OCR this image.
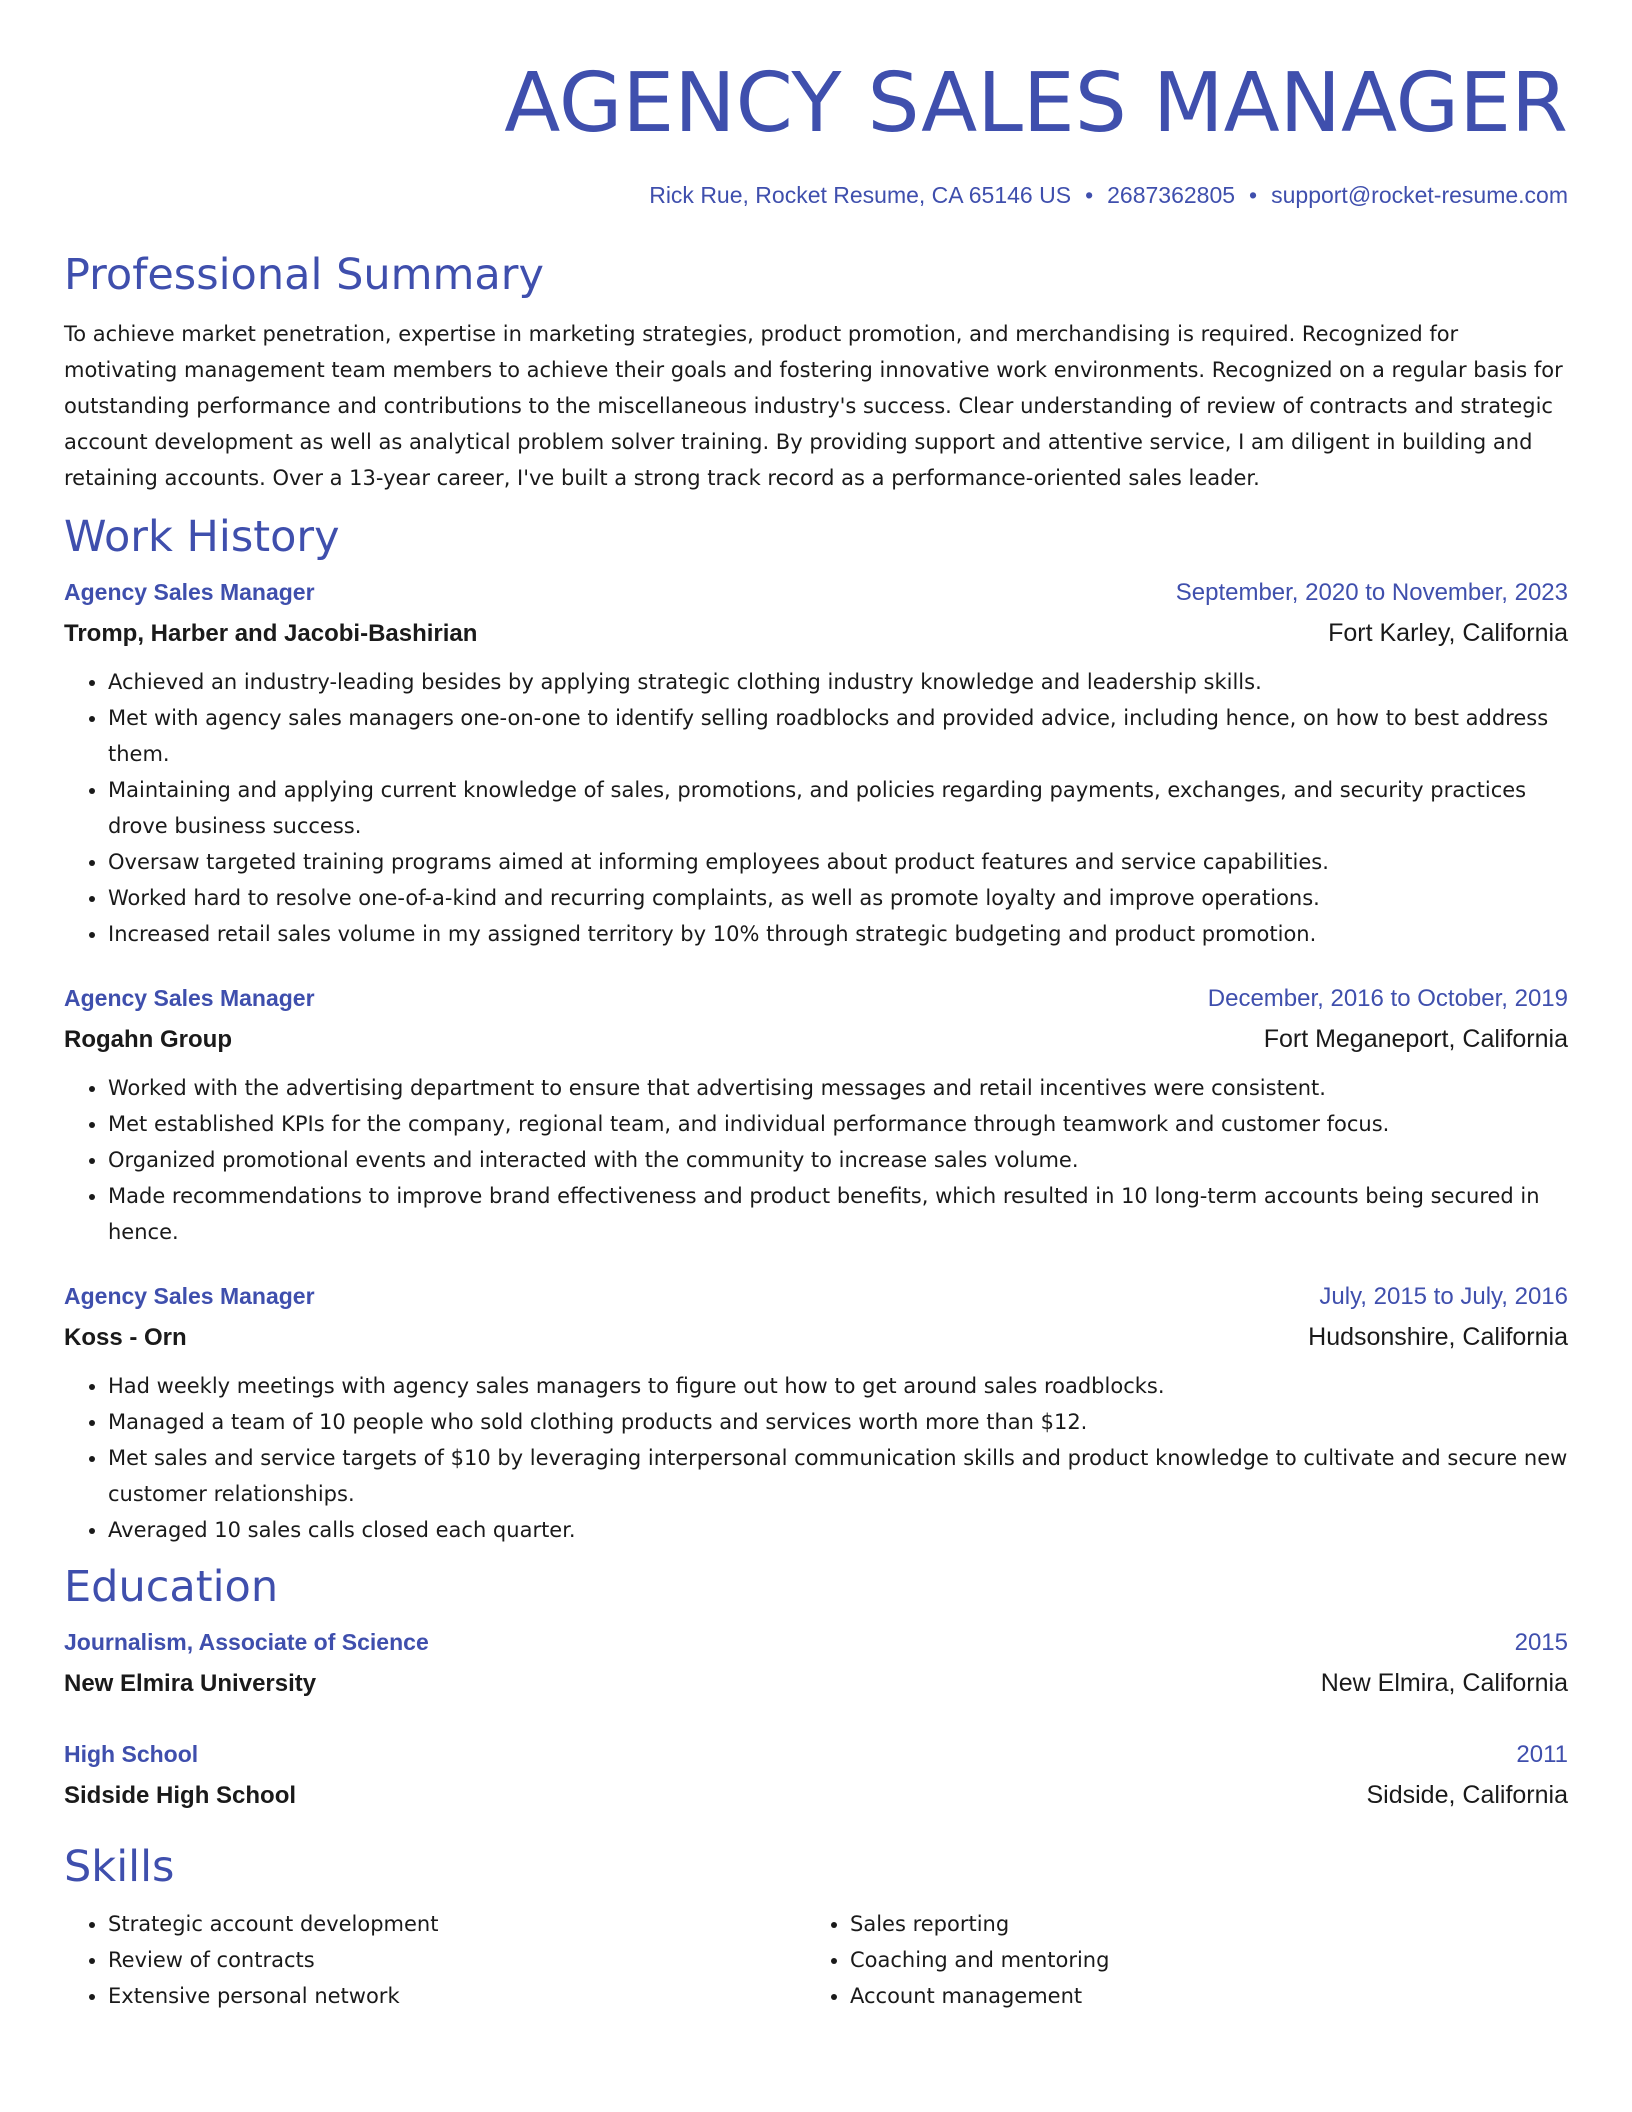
AGENCY SALES MANAGER
Rick Rue, Rocket Resume, CA 65146 US • 2687362805 • support@rocket-resume.com
Professional Summary

To achieve market penetration, expertise in marketing strategies, product promotion, and merchandising is required. Recognized for motivating management team members to achieve their goals and fostering innovative work environments. Recognized on a regular basis for outstanding performance and contributions to the miscellaneous industry's success. Clear understanding of review of contracts and strategic account development as well as analytical problem solver training. By providing support and attentive service, I am diligent in building and retaining accounts. Over a 13-year career, I've built a strong track record as a performance-oriented sales leader.

Work History
Agency Sales Manager	September, 2020 to November, 2023
Tromp, Harber and Jacobi-Bashirian	Fort Karley, California
• Achieved an industry-leading besides by applying strategic clothing industry knowledge and leadership skills.
• Met with agency sales managers one-on-one to identify selling roadblocks and provided advice, including hence, on how to best address them.
• Maintaining and applying current knowledge of sales, promotions, and policies regarding payments, exchanges, and security practices drove business success.
• Oversaw targeted training programs aimed at informing employees about product features and service capabilities.
• Worked hard to resolve one-of-a-kind and recurring complaints, as well as promote loyalty and improve operations.
• Increased retail sales volume in my assigned territory by 10% through strategic budgeting and product promotion.
Agency Sales Manager	December, 2016 to October, 2019
Rogahn Group	Fort Meganeport, California
• Worked with the advertising department to ensure that advertising messages and retail incentives were consistent.
• Met established KPIs for the company, regional team, and individual performance through teamwork and customer focus.
• Organized promotional events and interacted with the community to increase sales volume.
• Made recommendations to improve brand effectiveness and product benefits, which resulted in 10 long-term accounts being secured in hence.
Agency Sales Manager	July, 2015 to July, 2016
Koss - Orn	Hudsonshire, California
• Had weekly meetings with agency sales managers to figure out how to get around sales roadblocks.
• Managed a team of 10 people who sold clothing products and services worth more than $12.
• Met sales and service targets of $10 by leveraging interpersonal communication skills and product knowledge to cultivate and secure new customer relationships.
• Averaged 10 sales calls closed each quarter.
Education
Journalism, Associate of Science	2015
New Elmira University	New Elmira, California
High School	2011
Sidside High School	Sidside, California
Skills
• Strategic account development
• Review of contracts
• Extensive personal network
• Sales reporting
• Coaching and mentoring
• Account management
